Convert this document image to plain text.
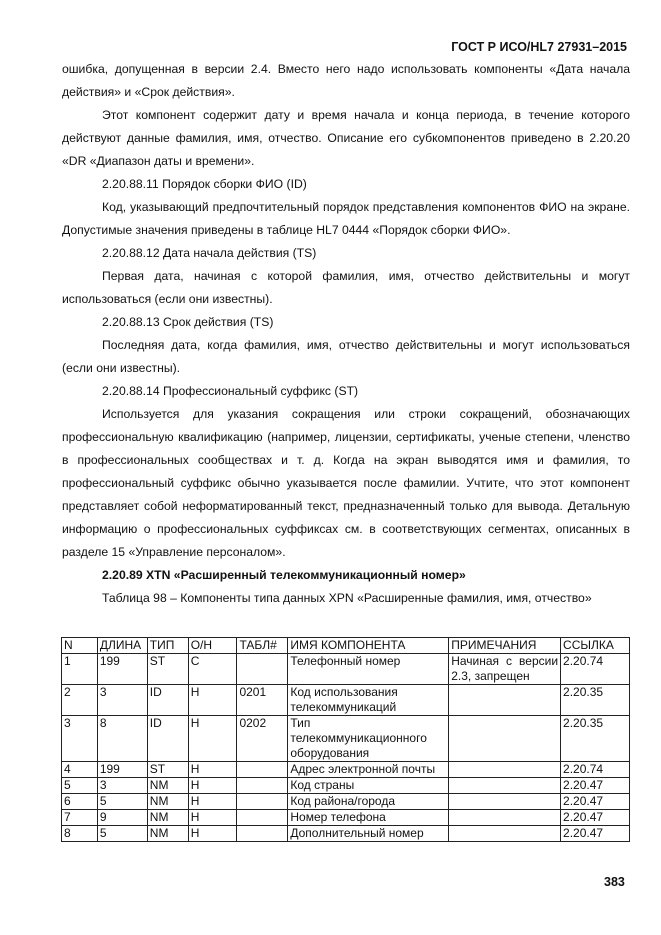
ГОСТ Р ИСО/HL7 27931–2015

ошибка, допущенная в версии 2.4. Вместо него надо использовать компоненты «Дата начала действия» и «Срок действия».

Этот компонент содержит дату и время начала и конца периода, в течение которого действуют данные фамилия, имя, отчество. Описание его субкомпонентов приведено в 2.20.20 «DR «Диапазон даты и времени».

2.20.88.11 Порядок сборки ФИО (ID)

Код, указывающий предпочтительный порядок представления компонентов ФИО на экране. Допустимые значения приведены в таблице HL7 0444 «Порядок сборки ФИО».

2.20.88.12 Дата начала действия (TS)

Первая дата, начиная с которой фамилия, имя, отчество действительны и могут использоваться (если они известны).

2.20.88.13 Срок действия (TS)

Последняя дата, когда фамилия, имя, отчество действительны и могут использоваться (если они известны).

2.20.88.14 Профессиональный суффикс (ST)

Используется для указания сокращения или строки сокращений, обозначающих профессиональную квалификацию (например, лицензии, сертификаты, ученые степени, членство в профессиональных сообществах и т. д. Когда на экран выводятся имя и фамилия, то профессиональный суффикс обычно указывается после фамилии. Учтите, что этот компонент представляет собой неформатированный текст, предназначенный только для вывода. Детальную информацию о профессиональных суффиксах см. в соответствующих сегментах, описанных в разделе 15 «Управление персоналом».

2.20.89 XTN «Расширенный телекоммуникационный номер»

Таблица 98 – Компоненты типа данных XPN «Расширенные фамилия, имя, отчество»

N	ДЛИНА	ТИП	О/Н	ТАБЛ#	ИМЯ КОМПОНЕНТА	ПРИМЕЧАНИЯ	ССЫЛКА
1	199	ST	С		Телефонный номер	Начиная с версии 2.3, запрещен	2.20.74
2	3	ID	Н	0201	Код использования телекоммуникаций		2.20.35
3	8	ID	Н	0202	Тип телекоммуникационного оборудования		2.20.35
4	199	ST	Н		Адрес электронной почты		2.20.74
5	3	NM	Н		Код страны		2.20.47
6	5	NM	Н		Код района/города		2.20.47
7	9	NM	Н		Номер телефона		2.20.47
8	5	NM	Н		Дополнительный номер		2.20.47
383
